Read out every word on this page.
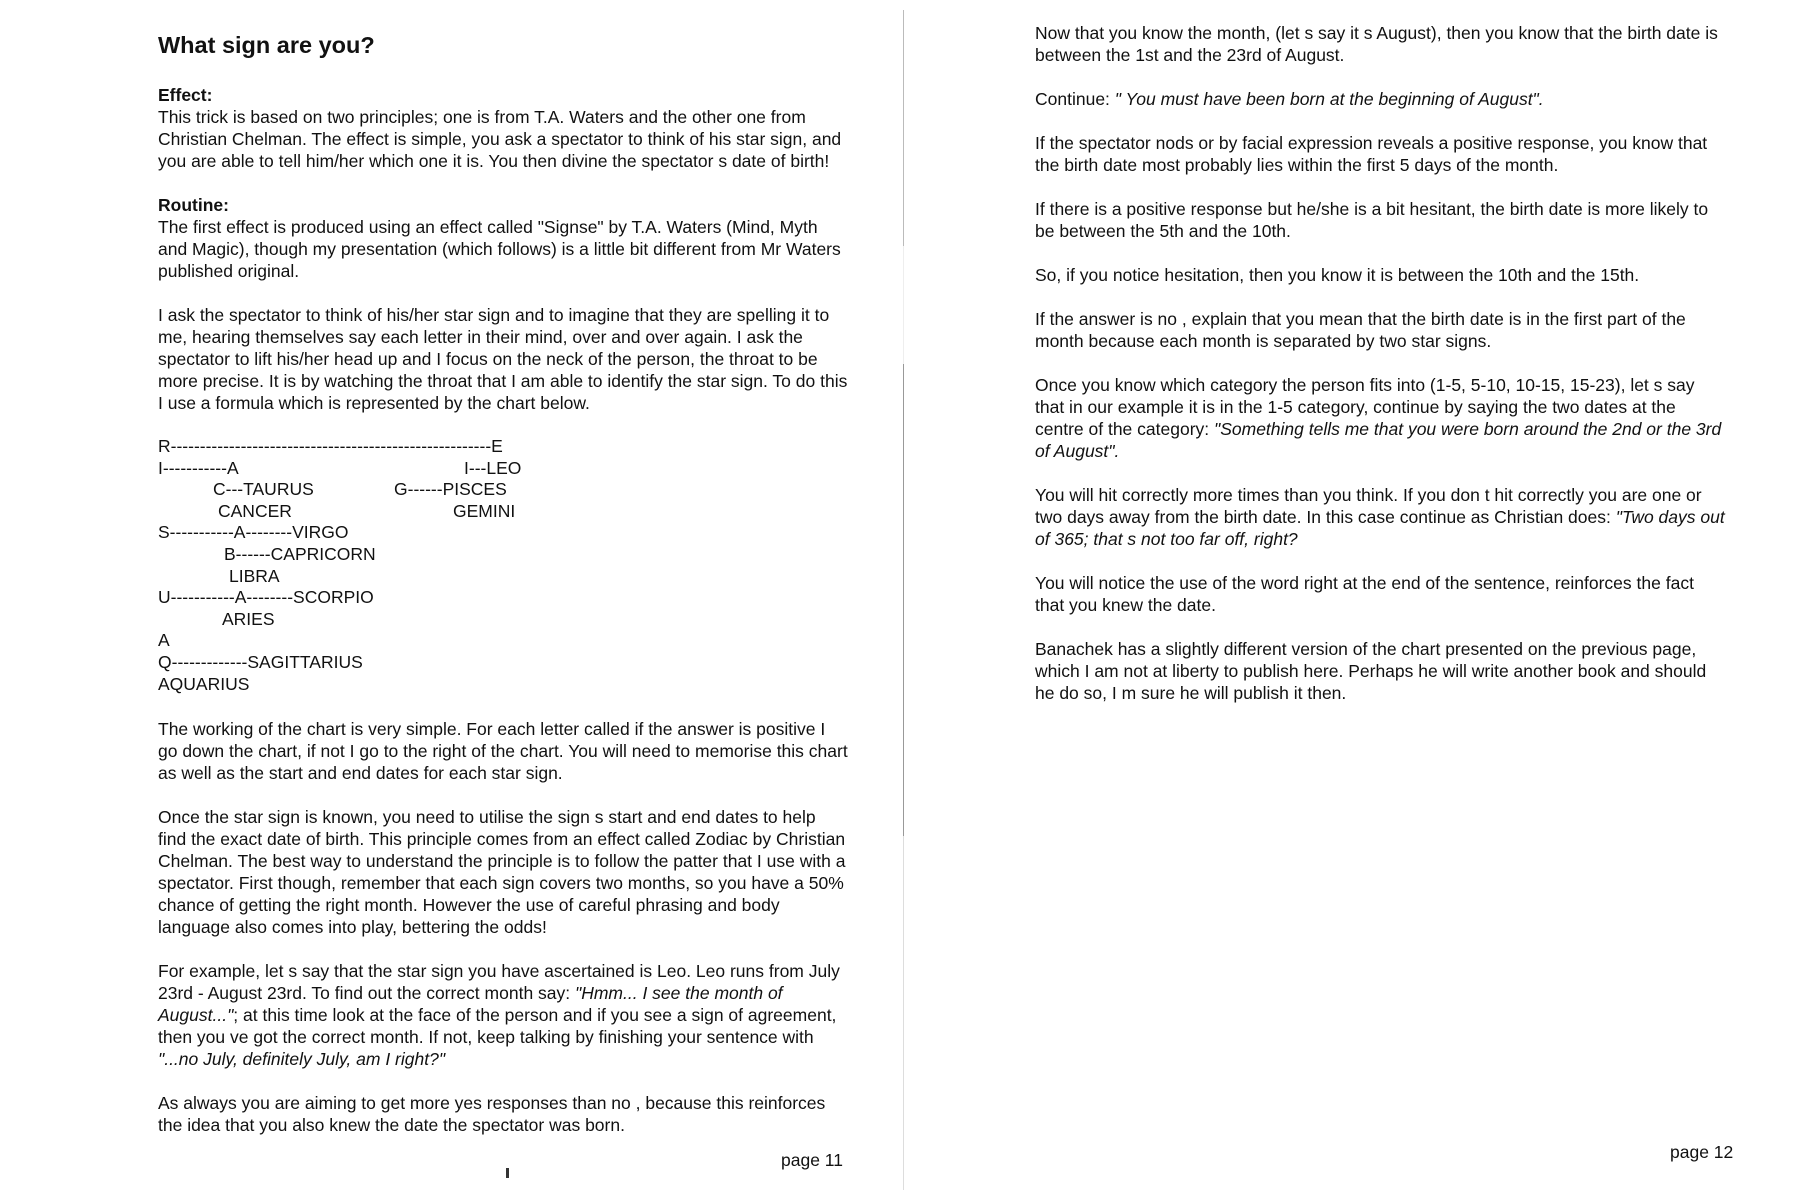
What sign are you?
Effect:

This trick is based on two principles; one is from T.A. Waters and the other one from Christian Chelman. The effect is simple, you ask a spectator to think of his star sign, and you are able to tell him/her which one it is. You then divine the spectator s date of birth!

Routine:

The first effect is produced using an effect called "Signse" by T.A. Waters (Mind, Myth and Magic), though my presentation (which follows) is a little bit different from Mr Waters published original.

I ask the spectator to think of his/her star sign and to imagine that they are spelling it to me, hearing themselves say each letter in their mind, over and over again. I ask the spectator to lift his/her head up and I focus on the neck of the person, the throat to be more precise. It is by watching the throat that I am able to identify the star sign. To do this I use a formula which is represented by the chart below.

R-------------------------------------------------------E

I-----------A

	I---LEO

C---TAURUS

	G------PISCES

CANCER

	GEMINI

S-----------A--------VIRGO

B------CAPRICORN

LIBRA

U-----------A--------SCORPIO

ARIES

A

Q-------------SAGITTARIUS

AQUARIUS

The working of the chart is very simple. For each letter called if the answer is positive I go down the chart, if not I go to the right of the chart. You will need to memorise this chart as well as the start and end dates for each star sign.

Once the star sign is known, you need to utilise the sign s start and end dates to help find the exact date of birth. This principle comes from an effect called Zodiac by Christian Chelman. The best way to understand the principle is to follow the patter that I use with a spectator. First though, remember that each sign covers two months, so you have a 50% chance of getting the right month. However the use of careful phrasing and body language also comes into play, bettering the odds!

For example, let s say that the star sign you have ascertained is Leo. Leo runs from July 23rd - August 23rd. To find out the correct month say: "Hmm... I see the month of August..."; at this time look at the face of the person and if you see a sign of agreement, then you ve got the correct month. If not, keep talking by finishing your sentence with "...no July, definitely July, am I right?"

As always you are aiming to get more yes responses than no , because this reinforces the idea that you also knew the date the spectator was born.

page 11

Now that you know the month, (let s say it s August), then you know that the birth date is between the 1st and the 23rd of August.

Continue: " You must have been born at the beginning of August".

If the spectator nods or by facial expression reveals a positive response, you know that the birth date most probably lies within the first 5 days of the month.

If there is a positive response but he/she is a bit hesitant, the birth date is more likely to be between the 5th and the 10th.

So, if you notice hesitation, then you know it is between the 10th and the 15th.

If the answer is no , explain that you mean that the birth date is in the first part of the month because each month is separated by two star signs.

Once you know which category the person fits into (1-5, 5-10, 10-15, 15-23), let s say that in our example it is in the 1-5 category, continue by saying the two dates at the centre of the category: "Something tells me that you were born around the 2nd or the 3rd of August".

You will hit correctly more times than you think. If you don t hit correctly you are one or two days away from the birth date. In this case continue as Christian does: "Two days out of 365; that s not too far off, right?

You will notice the use of the word right at the end of the sentence, reinforces the fact that you knew the date.

Banachek has a slightly different version of the chart presented on the previous page, which I am not at liberty to publish here. Perhaps he will write another book and should he do so, I m sure he will publish it then.

page 12
